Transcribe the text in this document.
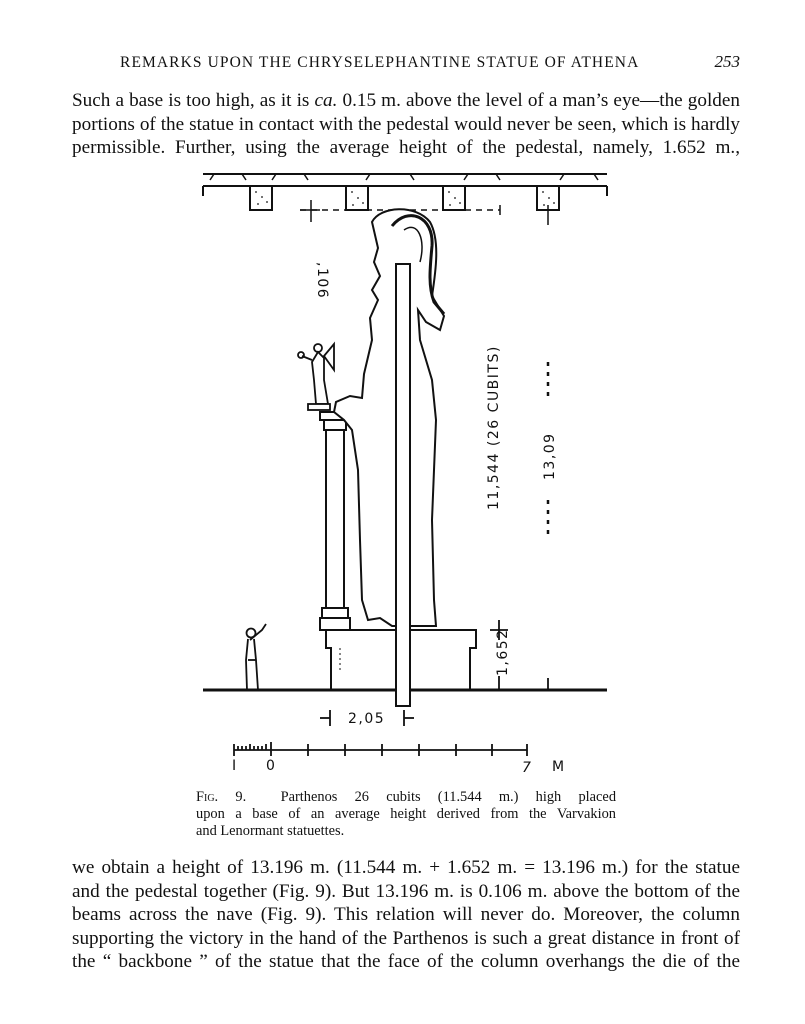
REMARKS UPON THE CHRYSELEPHANTINE STATUE OF ATHENA	253

Such a base is too high, as it is ca. 0.15 m. above the level of a man’s eye—the golden
portions of the statue in contact with the pedestal would never be seen, which is hardly
permissible. Further, using the average height of the pedestal, namely, 1.652 m.,

,106
11,544 (26 CUBITS)	13,09
1,652
2,05
I 0	7 M

Fig. 9. Parthenos 26 cubits (11.544 m.) high placed
upon a base of an average height derived from the Varvakion
and Lenormant statuettes.

we obtain a height of 13.196 m. (11.544 m. + 1.652 m. = 13.196 m.) for the statue
and the pedestal together (Fig. 9). But 13.196 m. is 0.106 m. above the bottom of the
beams across the nave (Fig. 9). This relation will never do. Moreover, the column
supporting the victory in the hand of the Parthenos is such a great distance in front of
the “ backbone ” of the statue that the face of the column overhangs the die of the
